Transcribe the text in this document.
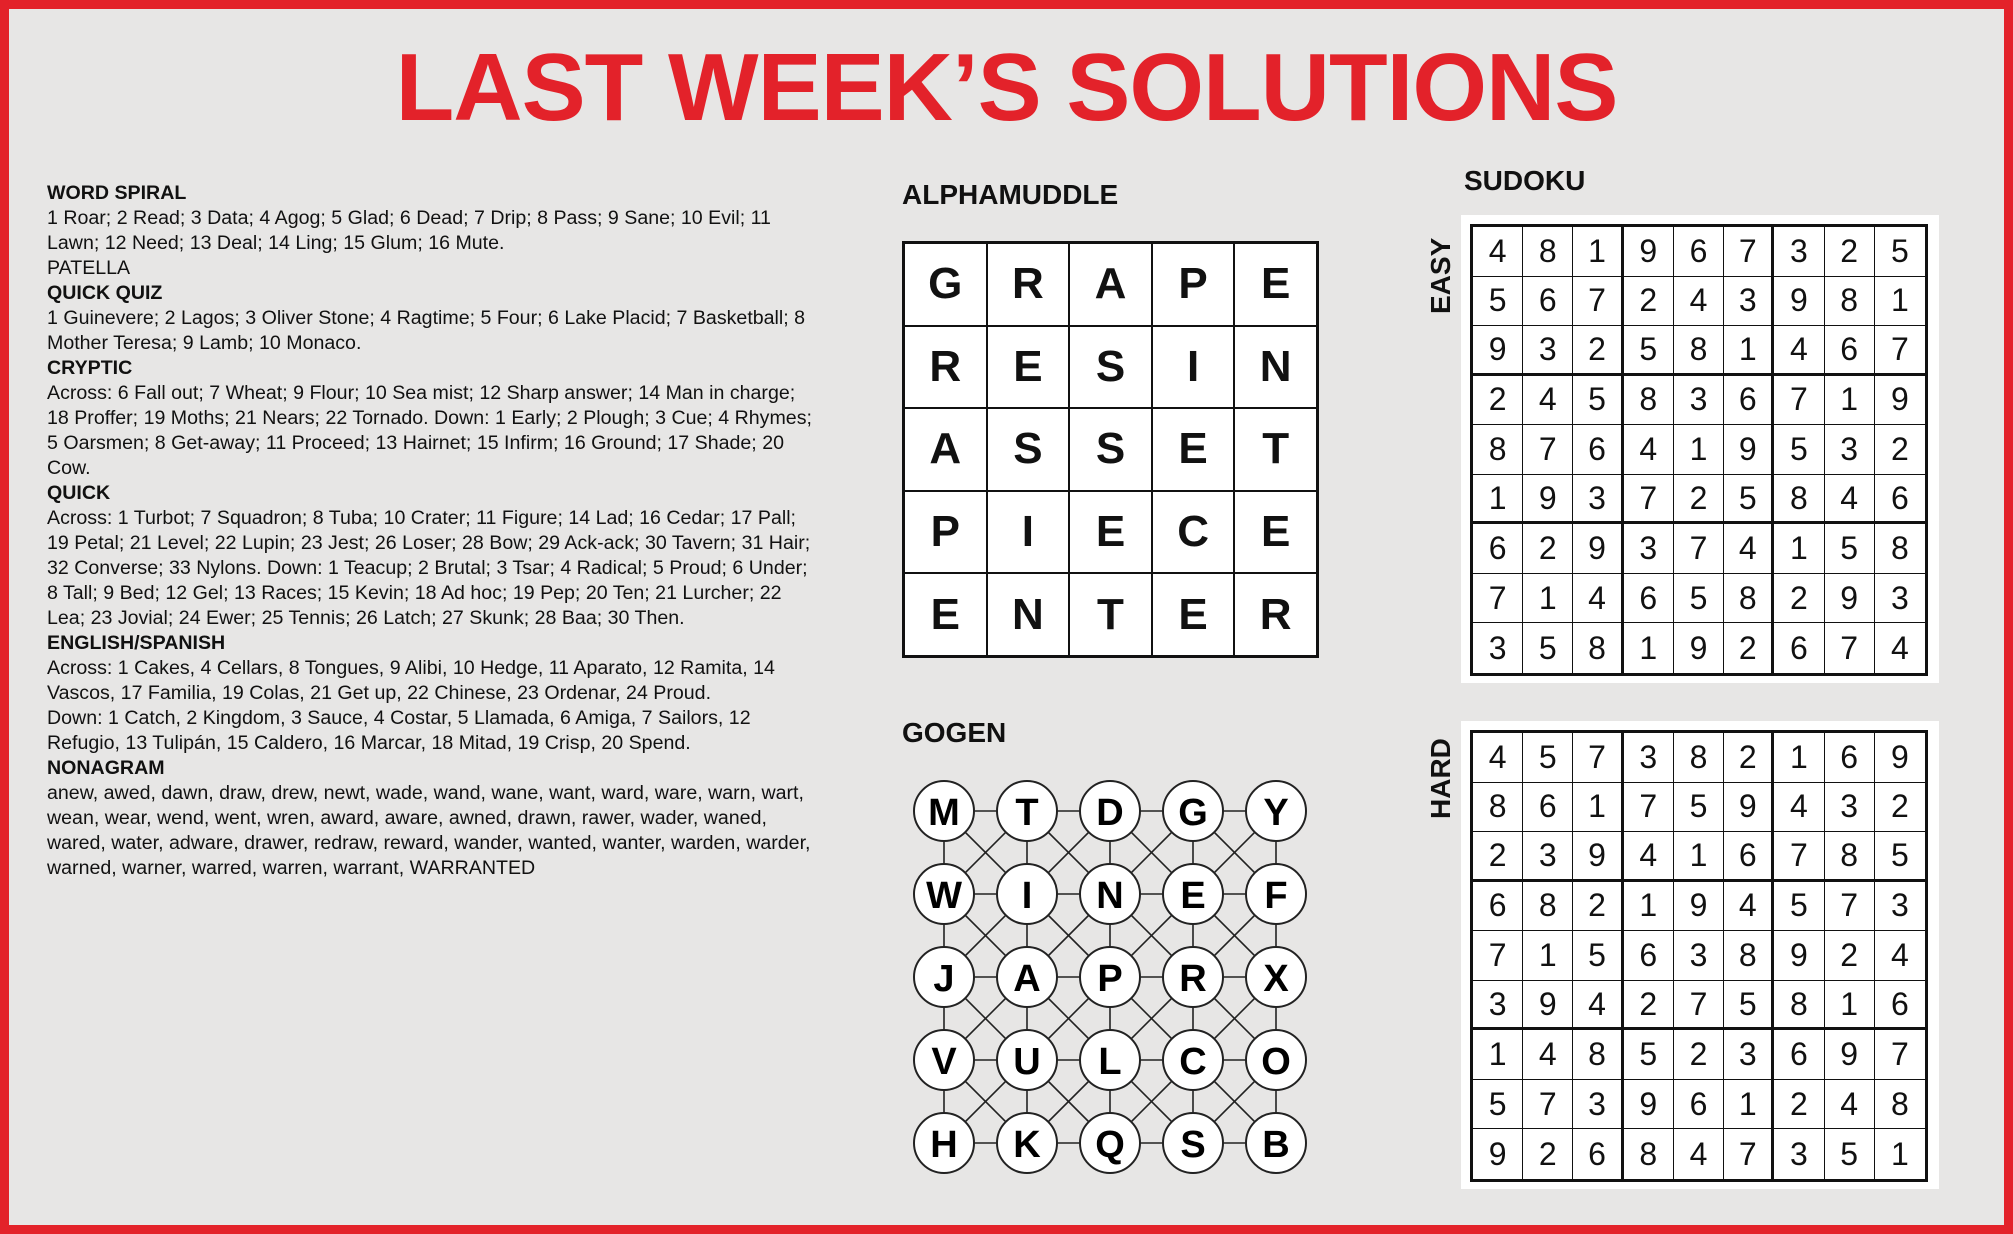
LAST WEEK’S SOLUTIONS
WORD SPIRAL
1 Roar; 2 Read; 3 Data; 4 Agog; 5 Glad; 6 Dead; 7 Drip; 8 Pass; 9 Sane; 10 Evil; 11 Lawn; 12 Need; 13 Deal; 14 Ling; 15 Glum; 16 Mute.
PATELLA
QUICK QUIZ
1 Guinevere; 2 Lagos; 3 Oliver Stone; 4 Ragtime; 5 Four; 6 Lake Placid; 7 Basketball; 8 Mother Teresa; 9 Lamb; 10 Monaco.
CRYPTIC
Across: 6 Fall out; 7 Wheat; 9 Flour; 10 Sea mist; 12 Sharp answer; 14 Man in charge; 18 Proffer; 19 Moths; 21 Nears; 22 Tornado. Down: 1 Early; 2 Plough; 3 Cue; 4 Rhymes; 5 Oarsmen; 8 Get-away; 11 Proceed; 13 Hairnet; 15 Infirm; 16 Ground; 17 Shade; 20 Cow.
QUICK
Across: 1 Turbot; 7 Squadron; 8 Tuba; 10 Crater; 11 Figure; 14 Lad; 16 Cedar; 17 Pall; 19 Petal; 21 Level; 22 Lupin; 23 Jest; 26 Loser; 28 Bow; 29 Ack-ack; 30 Tavern; 31 Hair; 32 Converse; 33 Nylons. Down: 1 Teacup; 2 Brutal; 3 Tsar; 4 Radical; 5 Proud; 6 Under; 8 Tall; 9 Bed; 12 Gel; 13 Races; 15 Kevin; 18 Ad hoc; 19 Pep; 20 Ten; 21 Lurcher; 22 Lea; 23 Jovial; 24 Ewer; 25 Tennis; 26 Latch; 27 Skunk; 28 Baa; 30 Then.
ENGLISH/SPANISH
Across: 1 Cakes, 4 Cellars, 8 Tongues, 9 Alibi, 10 Hedge, 11 Aparato, 12 Ramita, 14 Vascos, 17 Familia, 19 Colas, 21 Get up, 22 Chinese, 23 Ordenar, 24 Proud.
Down: 1 Catch, 2 Kingdom, 3 Sauce, 4 Costar, 5 Llamada, 6 Amiga, 7 Sailors, 12 Refugio, 13 Tulipán, 15 Caldero, 16 Marcar, 18 Mitad, 19 Crisp, 20 Spend.
NONAGRAM
anew, awed, dawn, draw, drew, newt, wade, wand, wane, want, ward, ware, warn, wart, wean, wear, wend, went, wren, award, aware, awned, drawn, rawer, wader, waned, wared, water, adware, drawer, redraw, reward, wander, wanted, wanter, warden, warder, warned, warner, warred, warren, warrant, WARRANTED
ALPHAMUDDLE
G	R	A	P	E
R	E	S	I	N
A	S	S	E	T
P	I	E	C	E
E	N	T	E	R
GOGEN
M T D G Y
W I N E F
J A P R X
V U L C O
H K Q S B
SUDOKU
EASY	4	8 1	9	6 7	3	2	5
5	6 7	2	4 3	9	8	1
9	3 2	5	8 1	4	6	7
2	4 5	8	3 6	7	1	9
8	7 6	4	1 9	5	3	2
1	9 3	7	2 5	8	4	6
6	2 9	3	7 4	1	5	8
7	1 4	6	5 8	2	9	3
3	5 8	1	9 2	6	7	4
HARD	4	5 7	3	8 2	1	6	9
8	6 1	7	5 9	4	3	2
2	3 9	4	1 6	7	8	5
6	8 2	1	9 4	5	7	3
7	1 5	6	3 8	9	2	4
3	9 4	2	7 5	8	1	6
1	4 8	5	2 3	6	9	7
5	7 3	9	6 1	2	4	8
9	2 6	8	4 7	3	5	1
